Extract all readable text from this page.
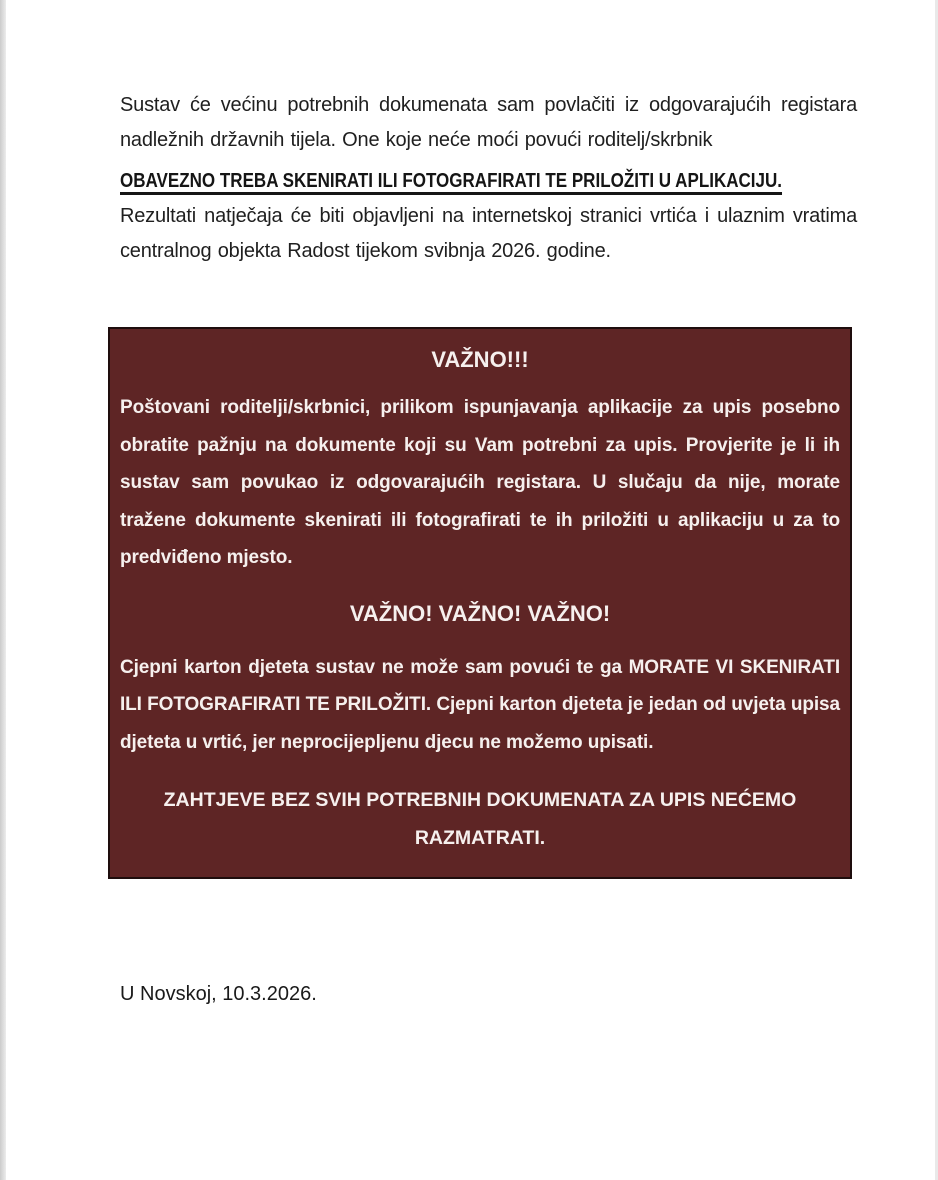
Sustav će većinu potrebnih dokumenata sam povlačiti iz odgovarajućih registara nadležnih državnih tijela. One koje neće moći povući roditelj/skrbnik

OBAVEZNO TREBA SKENIRATI ILI FOTOGRAFIRATI TE PRILOŽITI U APLIKACIJU.

Rezultati natječaja će biti objavljeni na internetskoj stranici vrtića i ulaznim vratima centralnog objekta Radost tijekom svibnja 2026. godine.

VAŽNO!!!

Poštovani roditelji/skrbnici, prilikom ispunjavanja aplikacije za upis posebno obratite pažnju na dokumente koji su Vam potrebni za upis. Provjerite je li ih sustav sam povukao iz odgovarajućih registara. U slučaju da nije, morate tražene dokumente skenirati ili fotografirati te ih priložiti u aplikaciju u za to predviđeno mjesto.

VAŽNO! VAŽNO! VAŽNO!

Cjepni karton djeteta sustav ne može sam povući te ga MORATE VI SKENIRATI ILI FOTOGRAFIRATI TE PRILOŽITI. Cjepni karton djeteta je jedan od uvjeta upisa djeteta u vrtić, jer neprocijepljenu djecu ne možemo upisati.

ZAHTJEVE BEZ SVIH POTREBNIH DOKUMENATA ZA UPIS NEĆEMO RAZMATRATI.

U Novskoj, 10.3.2026.
